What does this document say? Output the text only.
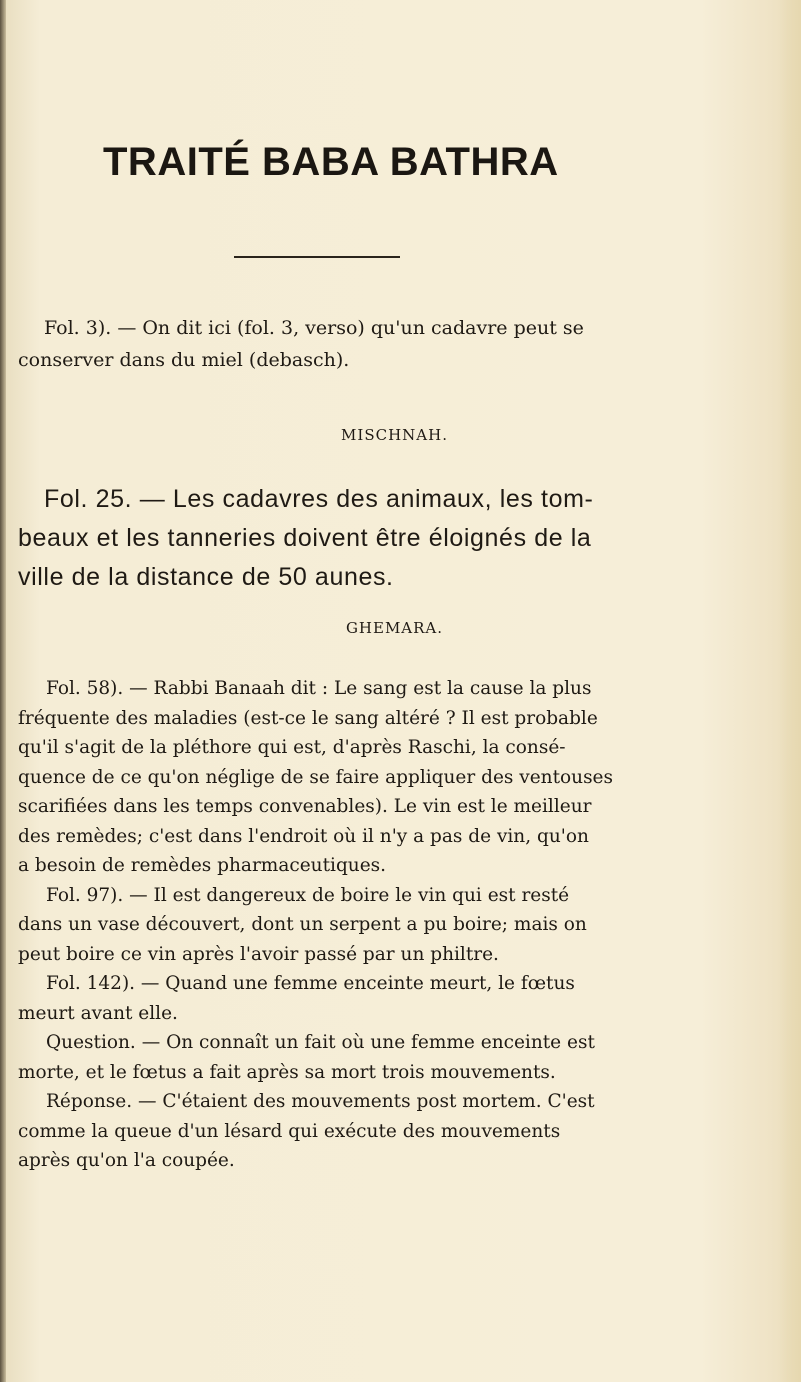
TRAITÉ BABA BATHRA
Fol. 3). — On dit ici (fol. 3, verso) qu'un cadavre peut se
conserver dans du miel (debasch).
MISCHNAH.
Fol. 25. — Les cadavres des animaux, les tom-
beaux et les tanneries doivent être éloignés de la
ville de la distance de 50 aunes.
GHEMARA.
Fol. 58). — Rabbi Banaah dit : Le sang est la cause la plus
fréquente des maladies (est-ce le sang altéré ? Il est probable
qu'il s'agit de la pléthore qui est, d'après Raschi, la consé-
quence de ce qu'on néglige de se faire appliquer des ventouses
scarifiées dans les temps convenables). Le vin est le meilleur
des remèdes; c'est dans l'endroit où il n'y a pas de vin, qu'on
a besoin de remèdes pharmaceutiques.
Fol. 97). — Il est dangereux de boire le vin qui est resté
dans un vase découvert, dont un serpent a pu boire; mais on
peut boire ce vin après l'avoir passé par un philtre.
Fol. 142). — Quand une femme enceinte meurt, le fœtus
meurt avant elle.
Question. — On connaît un fait où une femme enceinte est
morte, et le fœtus a fait après sa mort trois mouvements.
Réponse. — C'étaient des mouvements post mortem. C'est
comme la queue d'un lésard qui exécute des mouvements
après qu'on l'a coupée.
